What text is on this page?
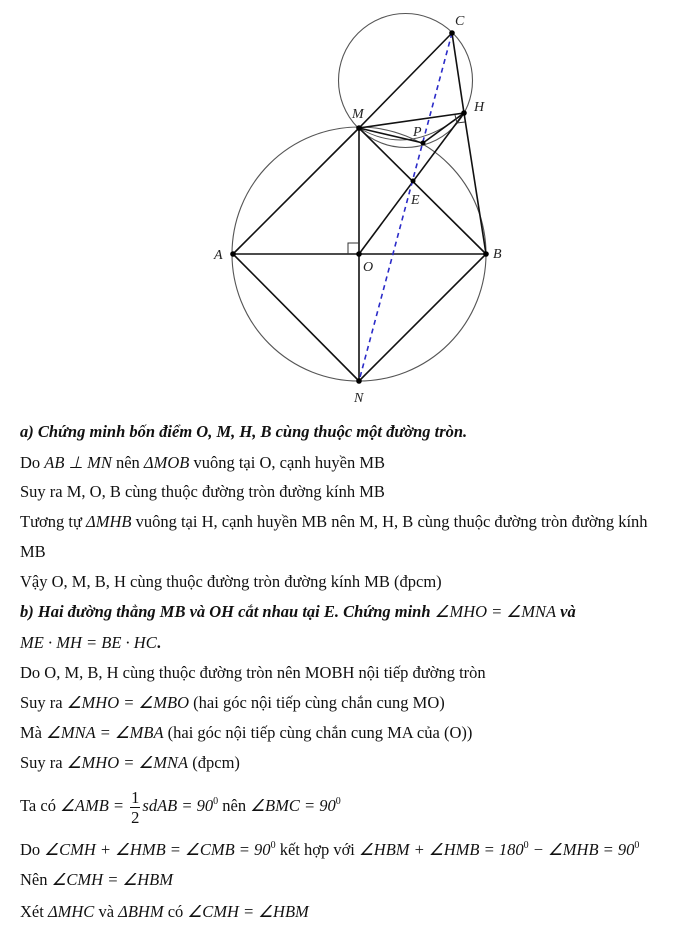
A	B
O
M
N
C
H
P
E
a) Chứng minh bốn điểm O, M, H, B cùng thuộc một đường tròn.
Do AB ⊥ MN nên ΔMOB vuông tại O, cạnh huyền MB
Suy ra M, O, B cùng thuộc đường tròn đường kính MB
Tương tự ΔMHB vuông tại H, cạnh huyền MB nên M, H, B cùng thuộc đường tròn đường kính
MB
Vậy O, M, B, H cùng thuộc đường tròn đường kính MB (đpcm)
b) Hai đường thẳng MB và OH cắt nhau tại E. Chứng minh ∠MHO = ∠MNA và
ME · MH = BE · HC.
Do O, M, B, H cùng thuộc đường tròn nên MOBH nội tiếp đường tròn
Suy ra ∠MHO = ∠MBO (hai góc nội tiếp cùng chắn cung MO)
Mà ∠MNA = ∠MBA (hai góc nội tiếp cùng chắn cung MA của (O))
Suy ra ∠MHO = ∠MNA (đpcm)
Ta có ∠AMB = $\frac{1}{2}$ sdAB = $90^0$ nên ∠BMC = $90^0$
Do ∠CMH + ∠HMB = ∠CMB = $90^0$ kết hợp với ∠HBM + ∠HMB = $180^0$ − ∠MHB = $90^0$
Nên ∠CMH = ∠HBM
Xét ΔMHC và ΔBHM có ∠CMH = ∠HBM
